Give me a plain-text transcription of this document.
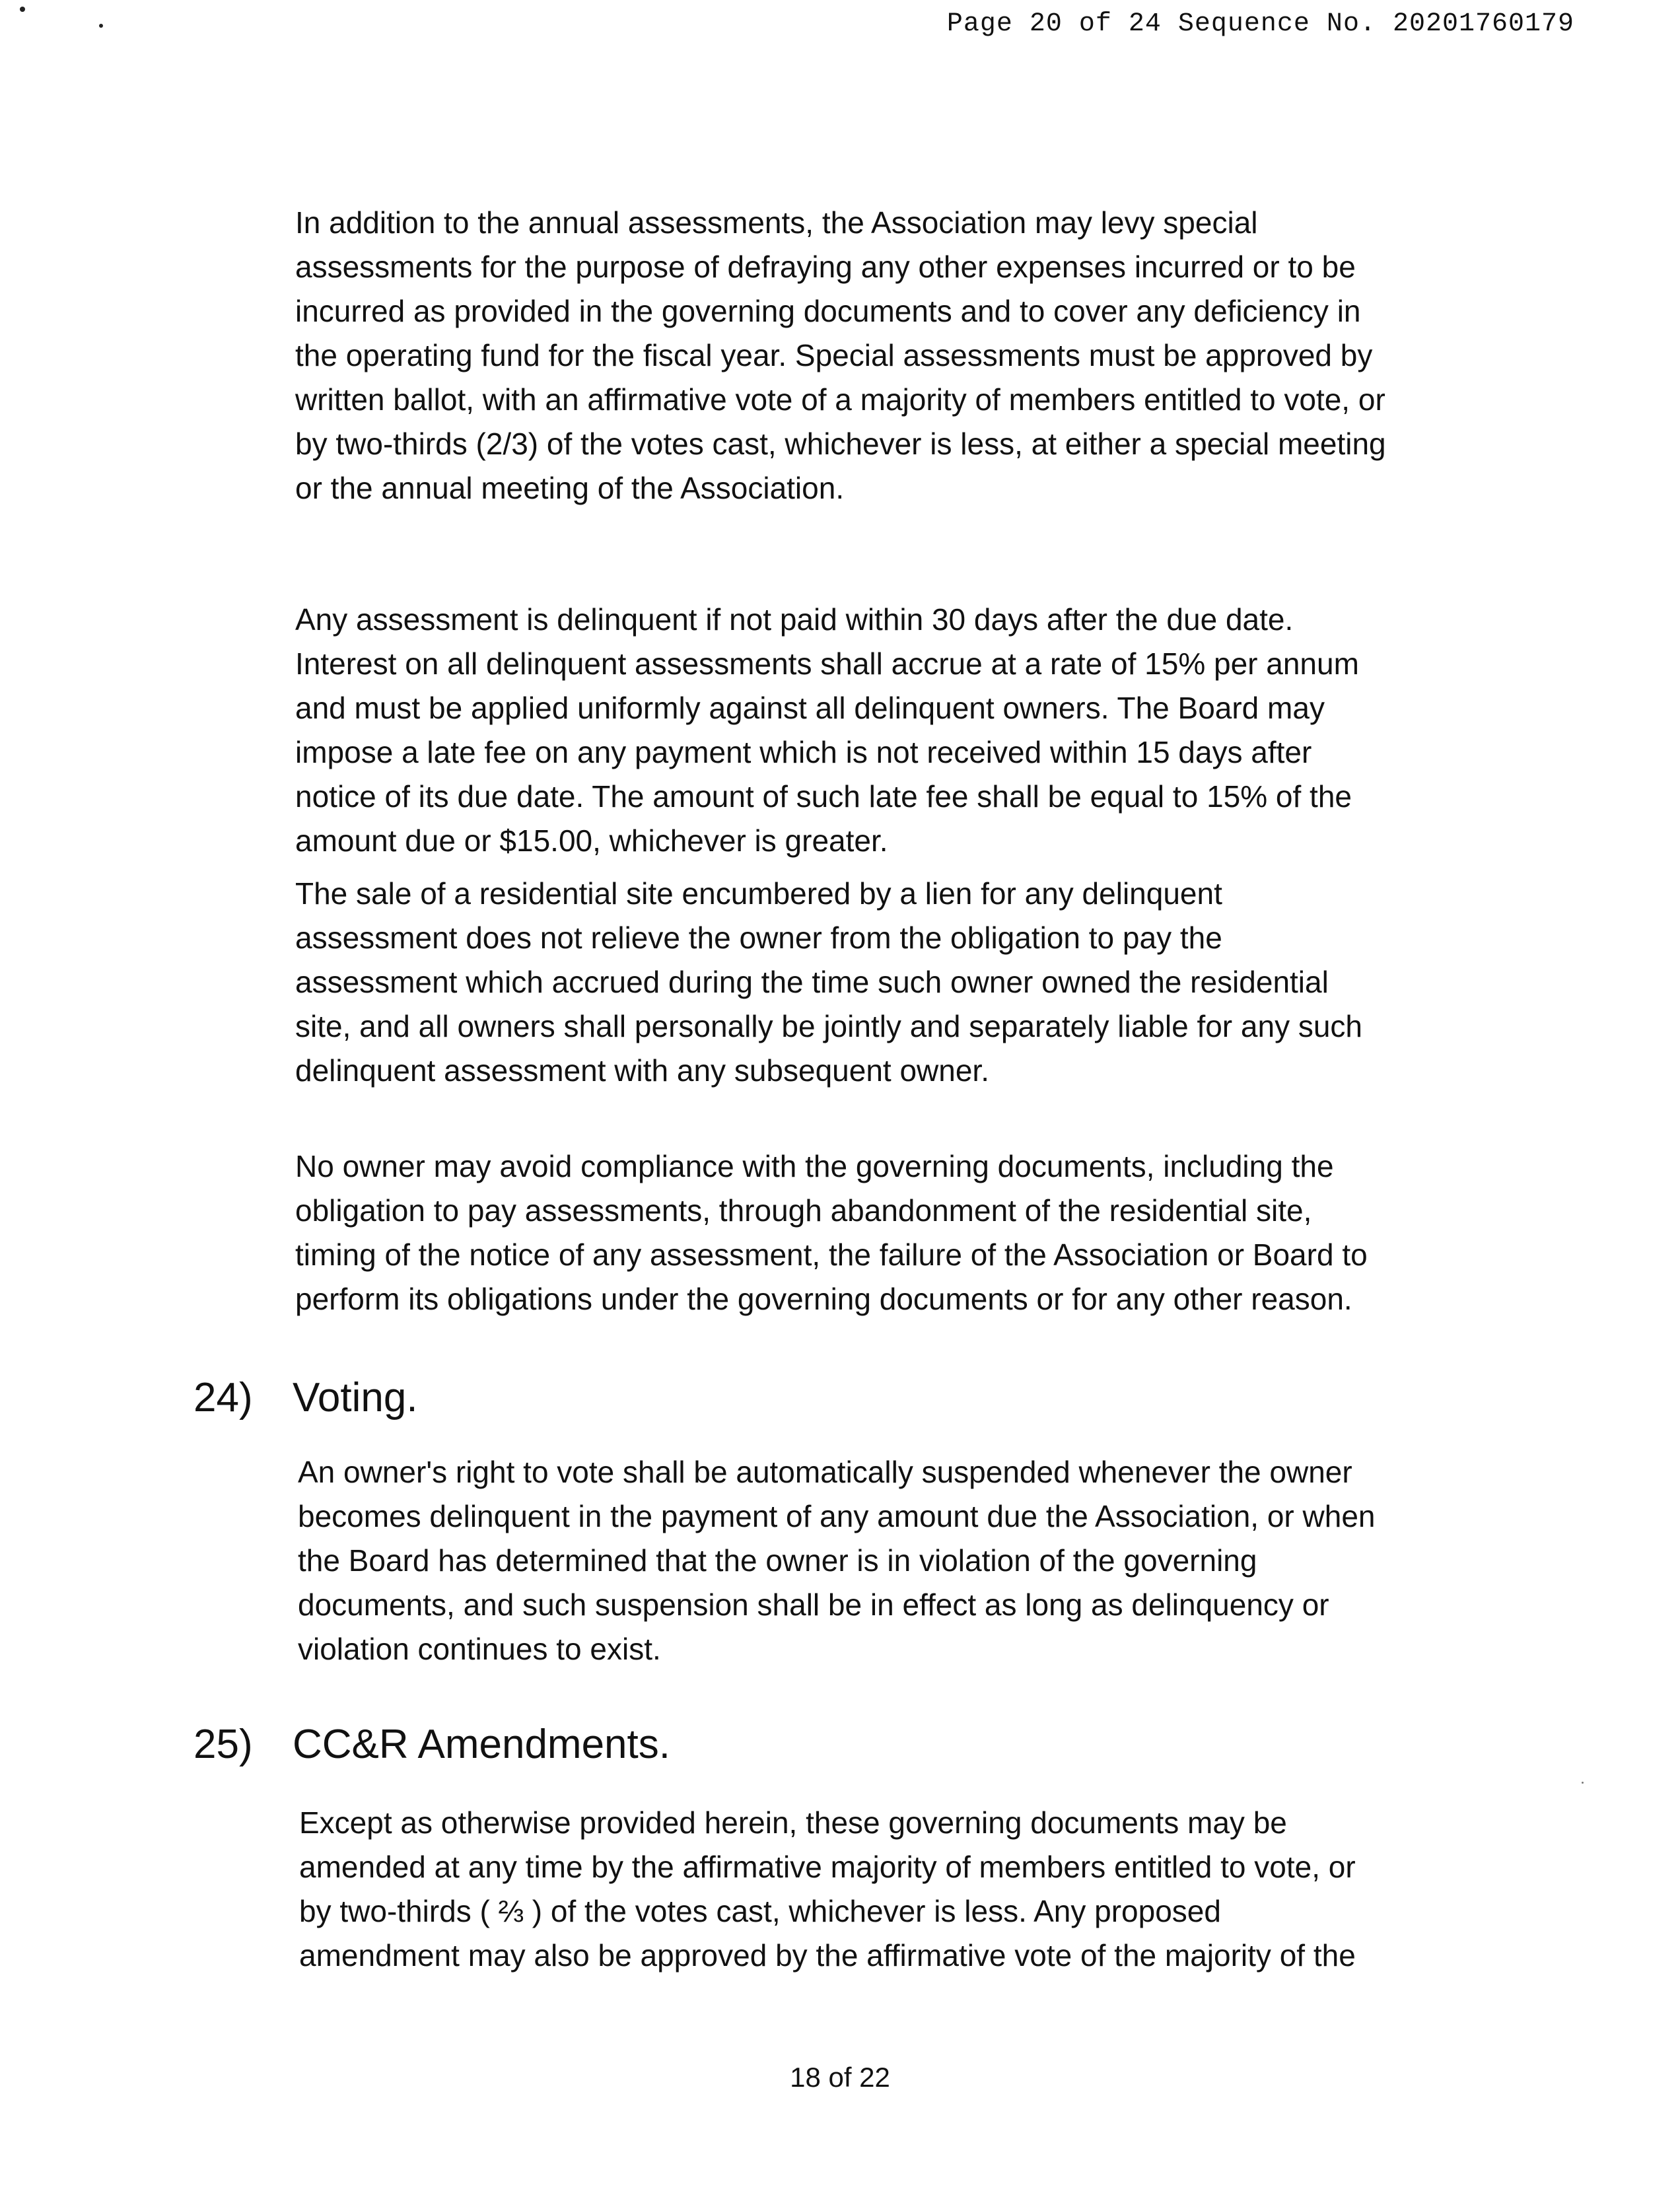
Page 20 of 24 Sequence No. 20201760179

In addition to the annual assessments, the Association may levy special
assessments for the purpose of defraying any other expenses incurred or to be
incurred as provided in the governing documents and to cover any deficiency in
the operating fund for the fiscal year. Special assessments must be approved by
written ballot, with an affirmative vote of a majority of members entitled to vote, or
by two-thirds (2/3) of the votes cast, whichever is less, at either a special meeting
or the annual meeting of the Association.

Any assessment is delinquent if not paid within 30 days after the due date.
Interest on all delinquent assessments shall accrue at a rate of 15% per annum
and must be applied uniformly against all delinquent owners. The Board may
impose a late fee on any payment which is not received within 15 days after
notice of its due date. The amount of such late fee shall be equal to 15% of the
amount due or $15.00, whichever is greater.

The sale of a residential site encumbered by a lien for any delinquent
assessment does not relieve the owner from the obligation to pay the
assessment which accrued during the time such owner owned the residential
site, and all owners shall personally be jointly and separately liable for any such
delinquent assessment with any subsequent owner.

No owner may avoid compliance with the governing documents, including the
obligation to pay assessments, through abandonment of the residential site,
timing of the notice of any assessment, the failure of the Association or Board to
perform its obligations under the governing documents or for any other reason.

24) Voting.

An owner's right to vote shall be automatically suspended whenever the owner
becomes delinquent in the payment of any amount due the Association, or when
the Board has determined that the owner is in violation of the governing
documents, and such suspension shall be in effect as long as delinquency or
violation continues to exist.

25) CC&R Amendments.

Except as otherwise provided herein, these governing documents may be
amended at any time by the affirmative majority of members entitled to vote, or
by two-thirds ( ⅔ ) of the votes cast, whichever is less. Any proposed
amendment may also be approved by the affirmative vote of the majority of the

18 of 22
